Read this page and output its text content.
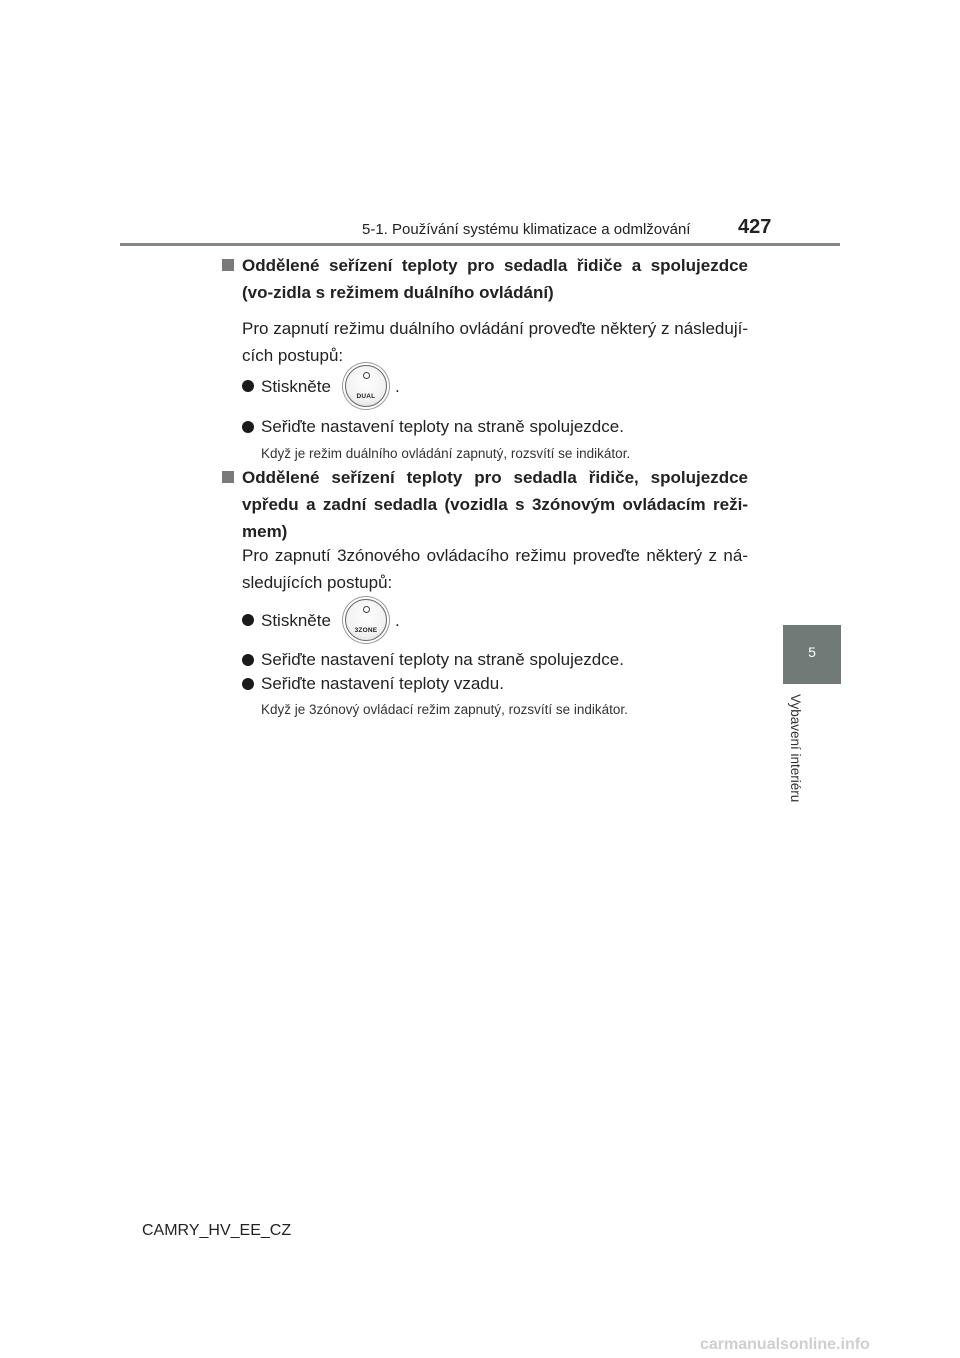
5-1. Používání systému klimatizace a odmlžování 427
5
Vybavení interiéru
Oddělené seřízení teploty pro sedadla řidiče a spolujezdce (vo-zidla s režimem duálního ovládání)
Pro zapnutí režimu duálního ovládání proveďte některý z následují-cích postupů:
Stiskněte
DUAL
.
Seřiďte nastavení teploty na straně spolujezdce.
Když je režim duálního ovládání zapnutý, rozsvítí se indikátor.
Oddělené seřízení teploty pro sedadla řidiče, spolujezdce vpředu a zadní sedadla (vozidla s 3zónovým ovládacím reži-mem)
Pro zapnutí 3zónového ovládacího režimu proveďte některý z ná-sledujících postupů:
Stiskněte
3ZONE
.
Seřiďte nastavení teploty na straně spolujezdce.
Seřiďte nastavení teploty vzadu.
Když je 3zónový ovládací režim zapnutý, rozsvítí se indikátor.
CAMRY_HV_EE_CZ
carmanualsonline.info
